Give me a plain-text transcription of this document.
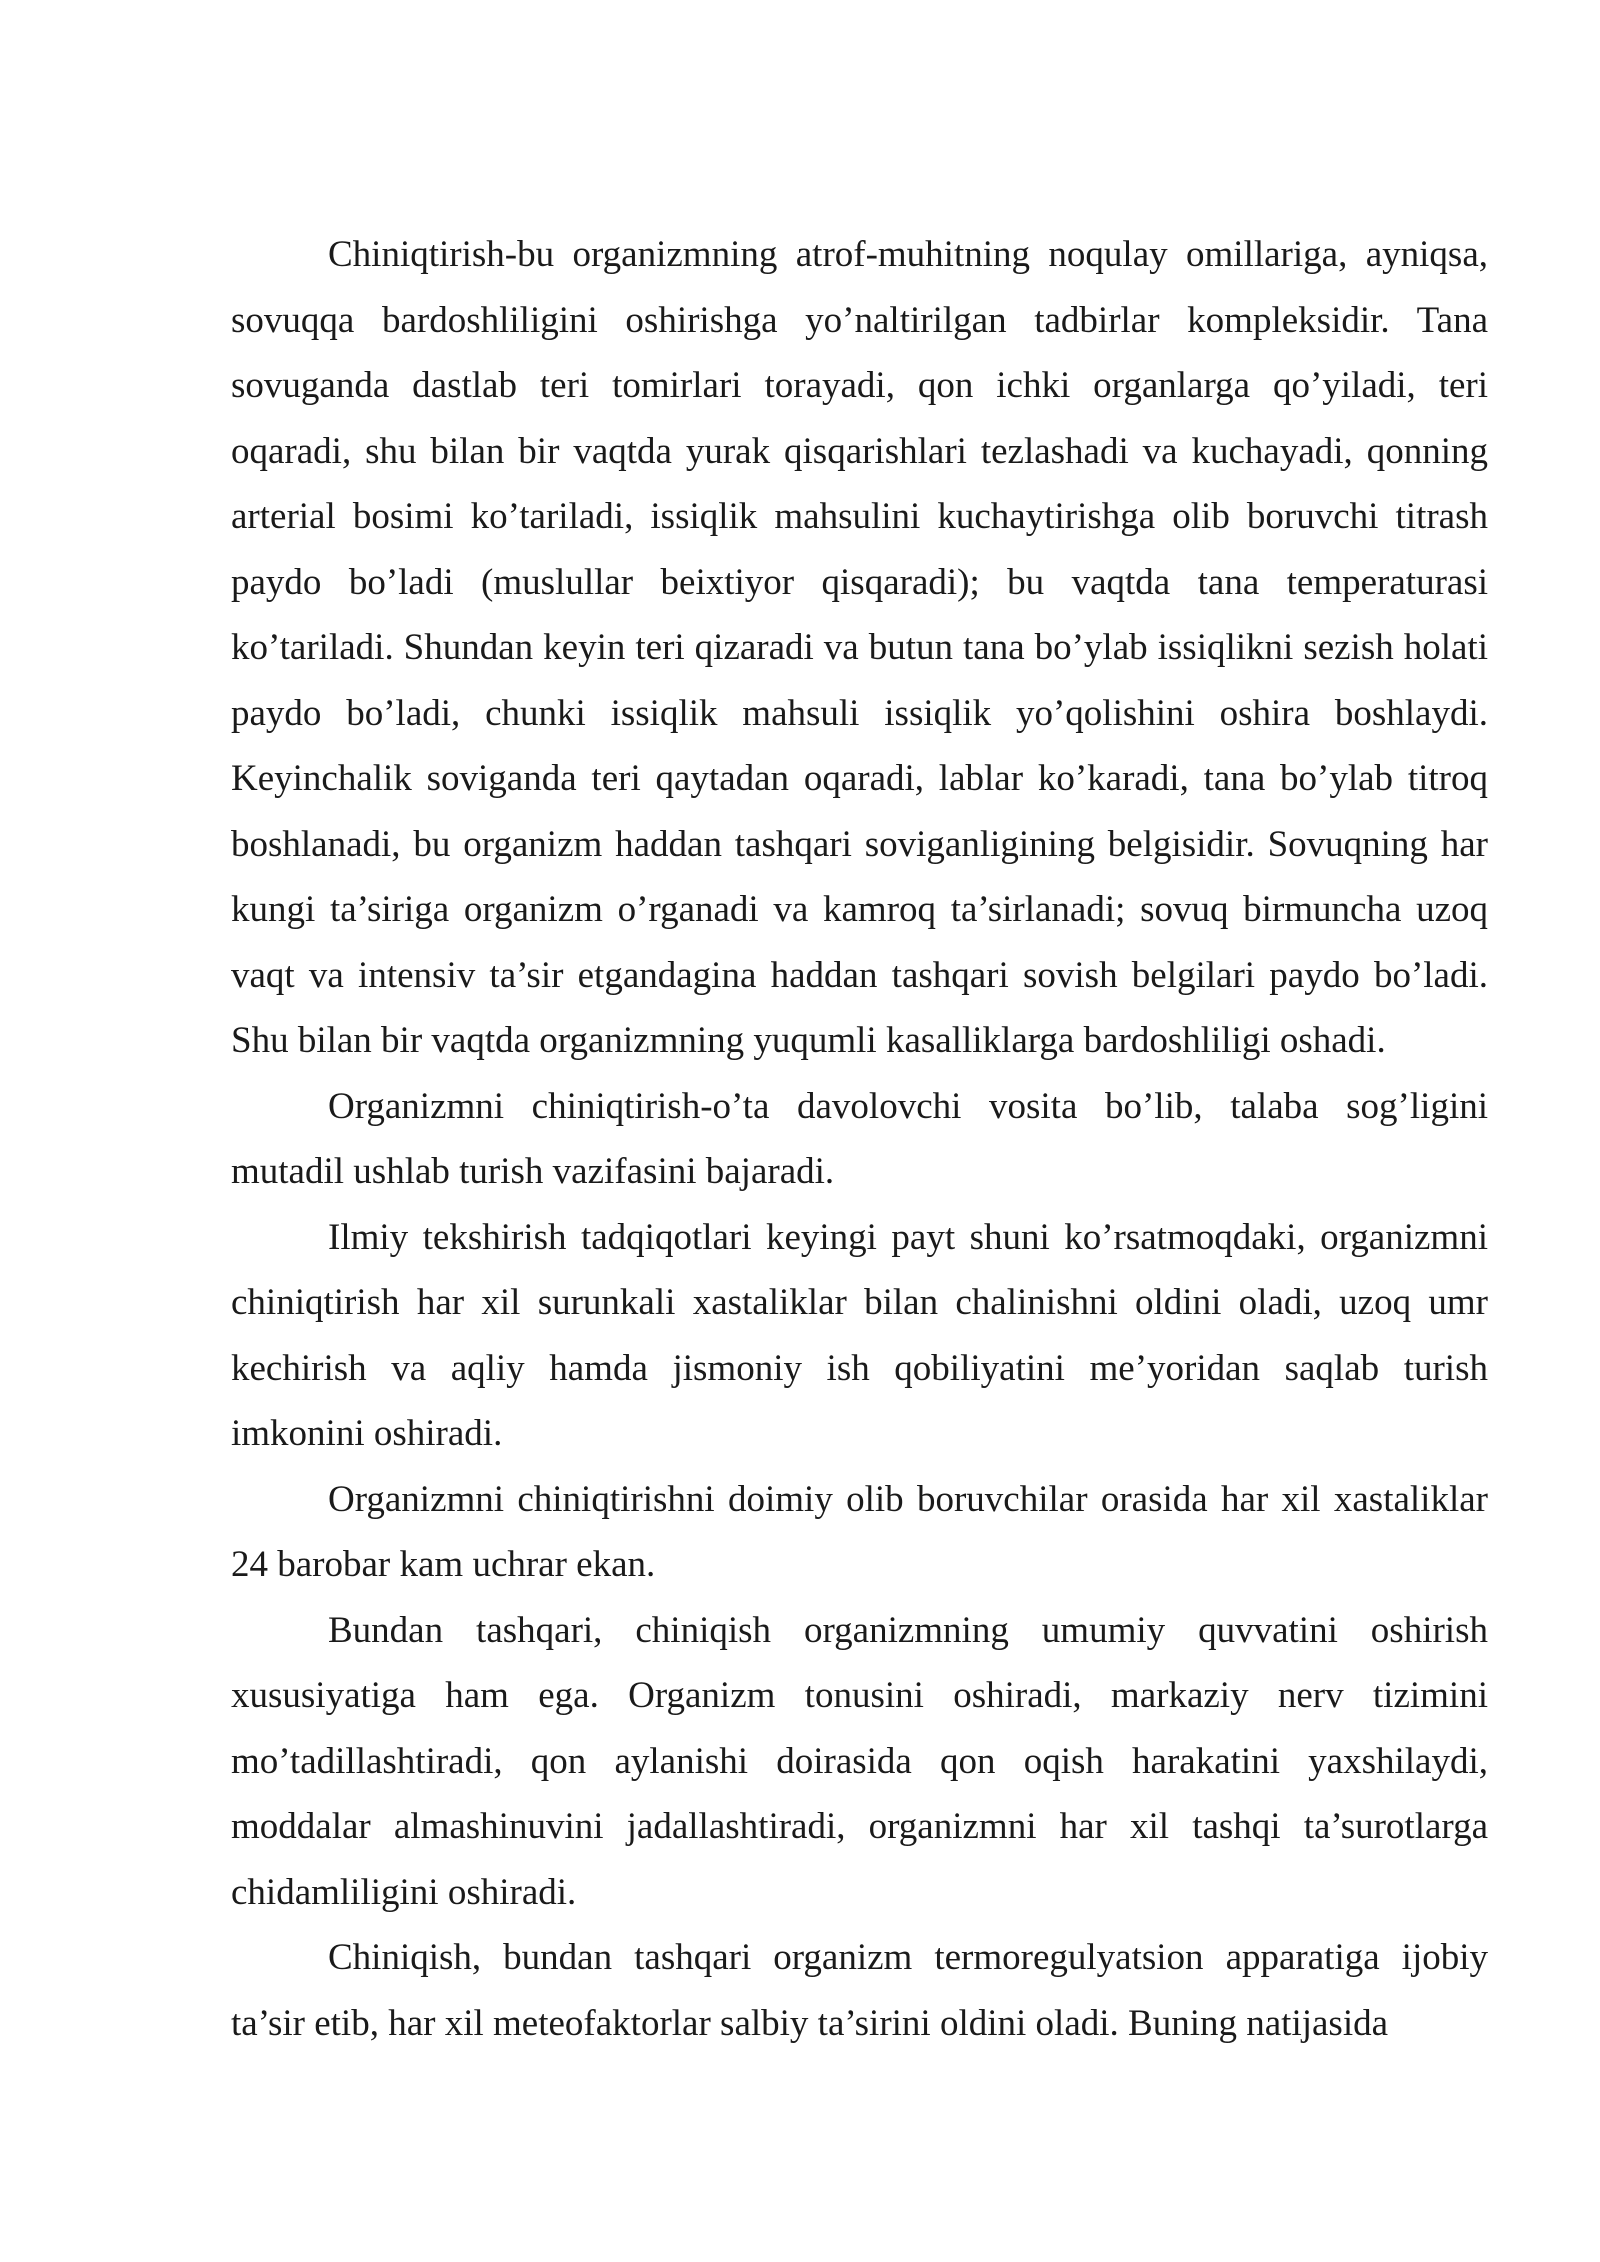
Chiniqtirish-bu organizmning atrof-muhitning noqulay omillariga, ayniqsa, sovuqqa bardoshliligini oshirishga yo’naltirilgan tadbirlar kompleksidir. Tana sovuganda dastlab teri tomirlari torayadi, qon ichki organlarga qo’yiladi, teri oqaradi, shu bilan bir vaqtda yurak qisqarishlari tezlashadi va kuchayadi, qonning arterial bosimi ko’tariladi, issiqlik mahsulini kuchaytirishga olib boruvchi titrash paydo bo’ladi (muslullar beixtiyor qisqaradi); bu vaqtda tana temperaturasi ko’tariladi. Shundan keyin teri qizaradi va butun tana bo’ylab issiqlikni sezish holati paydo bo’ladi, chunki issiqlik mahsuli issiqlik yo’qolishini oshira boshlaydi. Keyinchalik soviganda teri qaytadan oqaradi, lablar ko’karadi, tana bo’ylab titroq boshlanadi, bu organizm haddan tashqari soviganligining belgisidir. Sovuqning har kungi ta’siriga organizm o’rganadi va kamroq ta’sirlanadi; sovuq birmuncha uzoq vaqt va intensiv ta’sir etgandagina haddan tashqari sovish belgilari paydo bo’ladi. Shu bilan bir vaqtda organizmning yuqumli kasalliklarga bardoshliligi oshadi.

Organizmni chiniqtirish-o’ta davolovchi vosita bo’lib, talaba sog’ligini mutadil ushlab turish vazifasini bajaradi.

Ilmiy tekshirish tadqiqotlari keyingi payt shuni ko’rsatmoqdaki, organizmni chiniqtirish har xil surunkali xastaliklar bilan chalinishni oldini oladi, uzoq umr kechirish va aqliy hamda jismoniy ish qobiliyatini me’yoridan saqlab turish imkonini oshiradi.

Organizmni chiniqtirishni doimiy olib boruvchilar orasida har xil xastaliklar 24 barobar kam uchrar ekan.

Bundan tashqari, chiniqish organizmning umumiy quvvatini oshirish xususiyatiga ham ega. Organizm tonusini oshiradi, markaziy nerv tizimini mo’tadillashtiradi, qon aylanishi doirasida qon oqish harakatini yaxshilaydi, moddalar almashinuvini jadallashtiradi, organizmni har xil tashqi ta’surotlarga chidamliligini oshiradi.

Chiniqish, bundan tashqari organizm termoregulyatsion apparatiga ijobiy ta’sir etib, har xil meteofaktorlar salbiy ta’sirini oldini oladi. Buning natijasida
